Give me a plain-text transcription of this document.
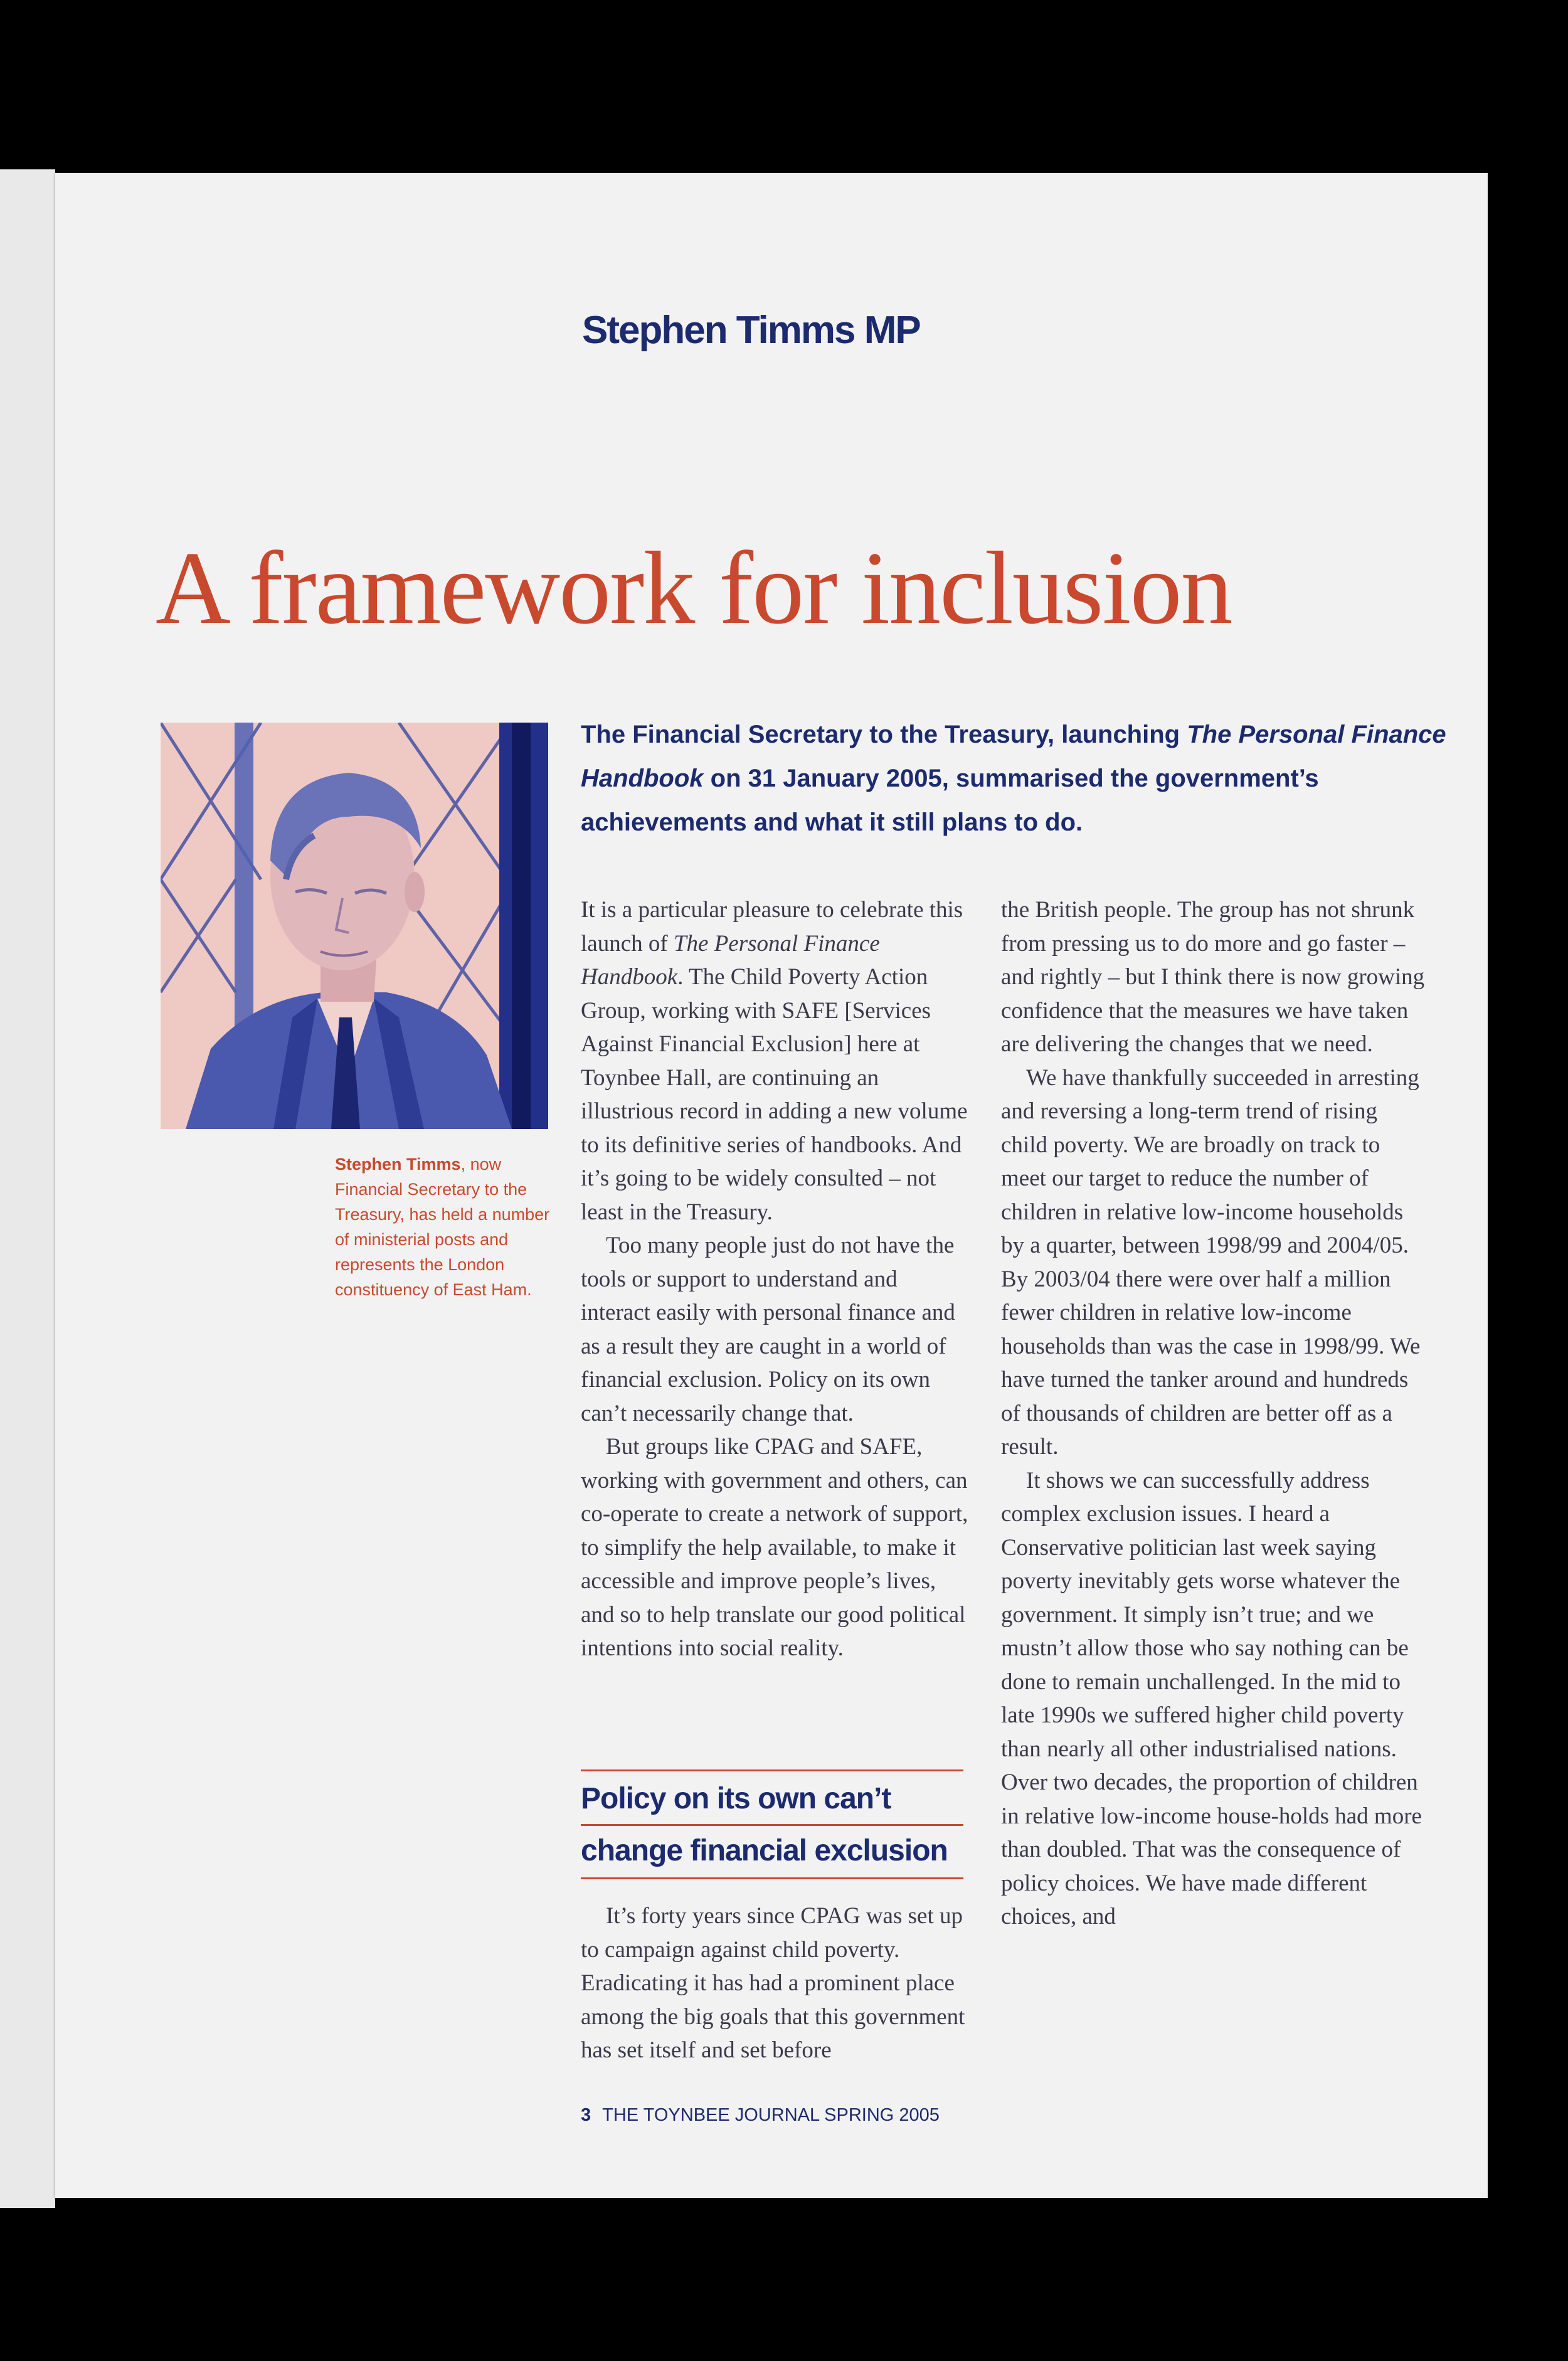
Stephen Timms MP
A framework for inclusion
Stephen Timms, now Financial Secretary to the Treasury, has held a number of ministerial posts and represents the London constituency of East Ham.
The Financial Secretary to the Treasury, launching The Personal Finance Handbook on 31 January 2005, summarised the government’s achievements and what it still plans to do.

It is a particular pleasure to celebrate this launch of The Personal Finance Handbook. The Child Poverty Action Group, working with SAFE [Services Against Financial Exclusion] here at Toynbee Hall, are continuing an illustrious record in adding a new volume to its definitive series of handbooks. And it’s going to be widely consulted – not least in the Treasury.

Too many people just do not have the tools or support to understand and interact easily with personal finance and as a result they are caught in a world of financial exclusion. Policy on its own can’t necessarily change that.

But groups like CPAG and SAFE, working with government and others, can co-operate to create a network of support, to simplify the help available, to make it accessible and improve people’s lives, and so to help translate our good political intentions into social reality.

Policy on its own can’t
change financial exclusion

It’s forty years since CPAG was set up to campaign against child poverty. Eradicating it has had a prominent place among the big goals that this government has set itself and set before

the British people. The group has not shrunk from pressing us to do more and go faster – and rightly – but I think there is now growing confidence that the measures we have taken are delivering the changes that we need.

We have thankfully succeeded in arresting and reversing a long-term trend of rising child poverty. We are broadly on track to meet our target to reduce the number of children in relative low-income households by a quarter, between 1998/99 and 2004/05. By 2003/04 there were over half a million fewer children in relative low-income households than was the case in 1998/99. We have turned the tanker around and hundreds of thousands of children are better off as a result.

It shows we can successfully address complex exclusion issues. I heard a Conservative politician last week saying poverty inevitably gets worse whatever the government. It simply isn’t true; and we mustn’t allow those who say nothing can be done to remain unchallenged. In the mid to late 1990s we suffered higher child poverty than nearly all other industrialised nations. Over two decades, the proportion of children in relative low-income house-holds had more than doubled. That was the consequence of policy choices. We have made different choices, and

3 THE TOYNBEE JOURNAL SPRING 2005
